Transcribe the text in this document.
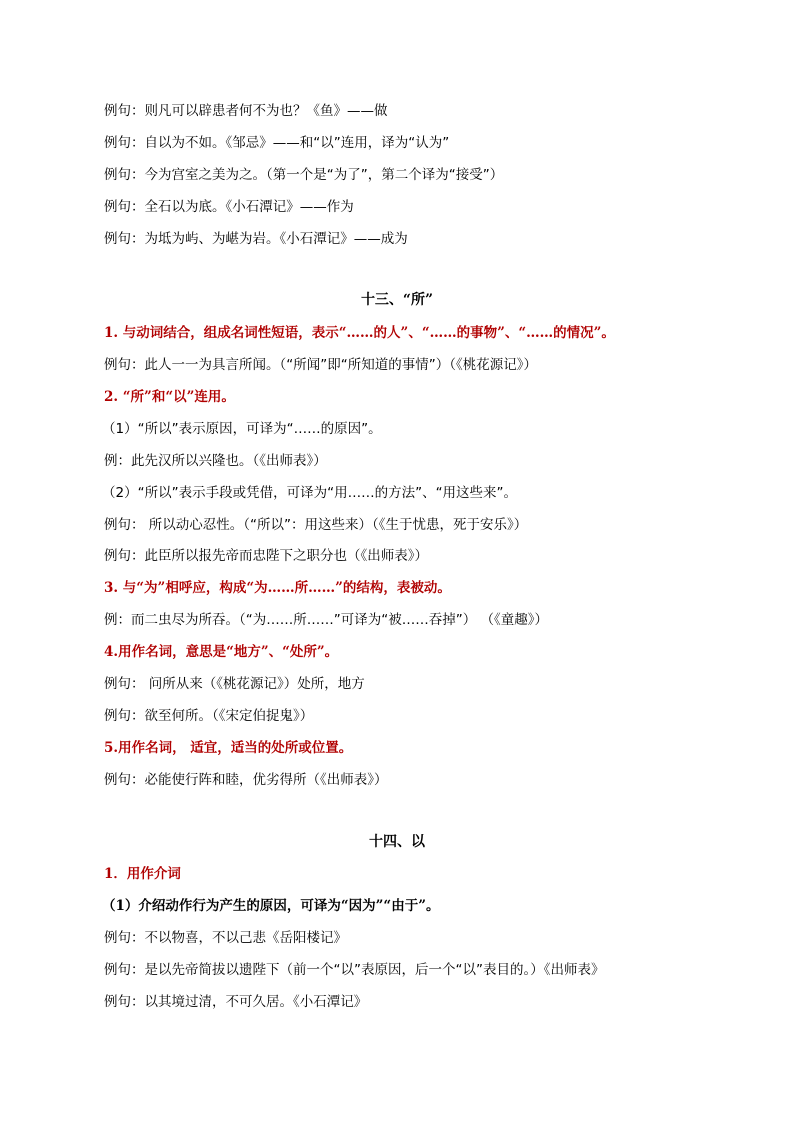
例句：则凡可以辟患者何不为也？《鱼》——做
例句：自以为不如。《邹忌》——和“以”连用，译为“认为”
例句：今为宫室之美为之。（第一个是“为了”，第二个译为“接受”）
例句：全石以为底。《小石潭记》——作为
例句：为坻为屿、为嵁为岩。《小石潭记》——成为
十三、“所”
1. 与动词结合，组成名词性短语，表示“……的人”、“……的事物”、“……的情况”。
例句：此人一一为具言所闻。（“所闻”即“所知道的事情”）（《桃花源记》）
2. “所”和“以”连用。
（1）“所以”表示原因，可译为“……的原因”。
例：此先汉所以兴隆也。（《出师表》）
（2）“所以”表示手段或凭借，可译为“用……的方法”、“用这些来”。
例句： 所以动心忍性。（“所以”：用这些来）（《生于忧患，死于安乐》）
例句：此臣所以报先帝而忠陛下之职分也（《出师表》）
3. 与“为”相呼应，构成“为……所……”的结构，表被动。
例：而二虫尽为所吞。（“为……所……”可译为“被……吞掉”） （《童趣》）
4.用作名词，意思是“地方”、“处所”。
例句： 问所从来（《桃花源记》）处所，地方
例句：欲至何所。（《宋定伯捉鬼》）
5.用作名词， 适宜，适当的处所或位置。
例句：必能使行阵和睦，优劣得所（《出师表》）
十四、以
1．用作介词
（1）介绍动作行为产生的原因，可译为“因为”“由于”。
例句：不以物喜，不以己悲《岳阳楼记》
例句：是以先帝简拔以遗陛下（前一个“以”表原因，后一个“以”表目的。）《出师表》
例句：以其境过清，不可久居。《小石潭记》
